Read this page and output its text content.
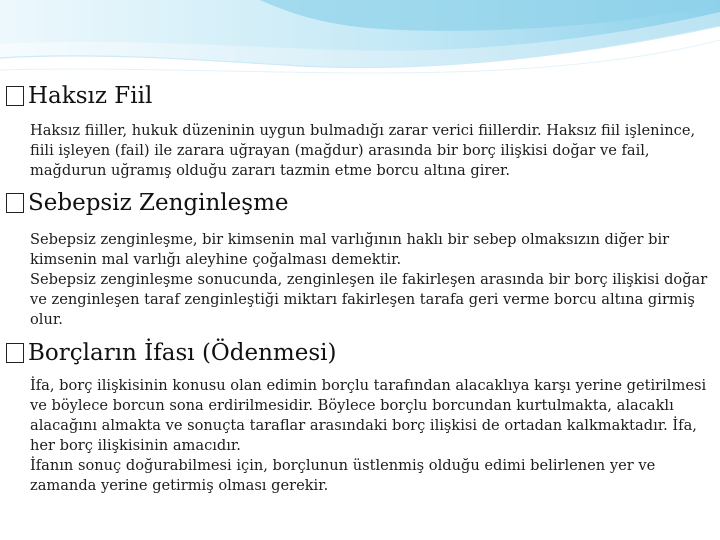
Haksız Fiil

Haksız fiiller, hukuk düzeninin uygun bulmadığı zarar verici fiillerdir. Haksız fiil işlenince, fiili işleyen (fail) ile zarara uğrayan (mağdur) arasında bir borç ilişkisi doğar ve fail, mağdurun uğramış olduğu zararı tazmin etme borcu altına girer.

Sebepsiz Zenginleşme

Sebepsiz zenginleşme, bir kimsenin mal varlığının haklı bir sebep olmaksızın diğer bir kimsenin mal varlığı aleyhine çoğalması demektir.

Sebepsiz zenginleşme sonucunda, zenginleşen ile fakirleşen arasında bir borç ilişkisi doğar ve zenginleşen taraf zenginleştiği miktarı fakirleşen tarafa geri verme borcu altına girmiş olur.

Borçların İfası (Ödenmesi)

İfa, borç ilişkisinin konusu olan edimin borçlu tarafından alacaklıya karşı yerine getirilmesi ve böylece borcun sona erdirilmesidir. Böylece borçlu borcundan kurtulmakta, alacaklı alacağını almakta ve sonuçta taraflar arasındaki borç ilişkisi de ortadan kalkmaktadır. İfa, her borç ilişkisinin amacıdır.

İfanın sonuç doğurabilmesi için, borçlunun üstlenmiş olduğu edimi belirlenen yer ve zamanda yerine getirmiş olması gerekir.
